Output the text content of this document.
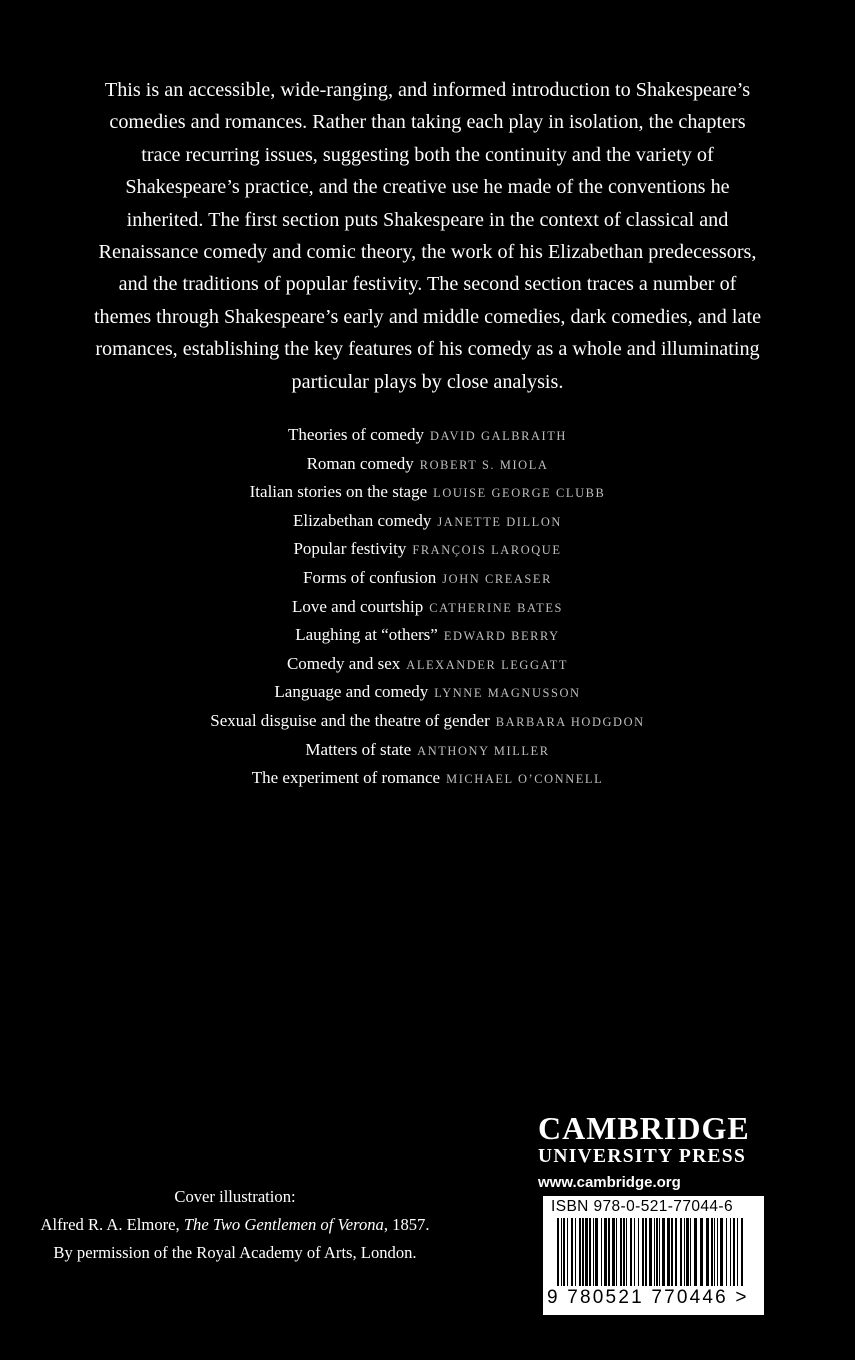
This is an accessible, wide-ranging, and informed introduction to Shakespeare’s comedies and romances. Rather than taking each play in isolation, the chapters trace recurring issues, suggesting both the continuity and the variety of Shakespeare’s practice, and the creative use he made of the conventions he inherited. The first section puts Shakespeare in the context of classical and Renaissance comedy and comic theory, the work of his Elizabethan predecessors, and the traditions of popular festivity. The second section traces a number of themes through Shakespeare’s early and middle comedies, dark comedies, and late romances, establishing the key features of his comedy as a whole and illuminating particular plays by close analysis.

Theories of comedy DAVID GALBRAITH
Roman comedy ROBERT S. MIOLA
Italian stories on the stage LOUISE GEORGE CLUBB
Elizabethan comedy JANETTE DILLON
Popular festivity FRANÇOIS LAROQUE
Forms of confusion JOHN CREASER
Love and courtship CATHERINE BATES
Laughing at “others” EDWARD BERRY
Comedy and sex ALEXANDER LEGGATT
Language and comedy LYNNE MAGNUSSON
Sexual disguise and the theatre of gender BARBARA HODGDON
Matters of state ANTHONY MILLER
The experiment of romance MICHAEL O’CONNELL

Cover illustration:

Alfred R. A. Elmore, The Two Gentlemen of Verona, 1857.

By permission of the Royal Academy of Arts, London.

CAMBRIDGE
UNIVERSITY PRESS
www.cambridge.org
ISBN 978-0-521-77044-6
9 780521 770446 >
